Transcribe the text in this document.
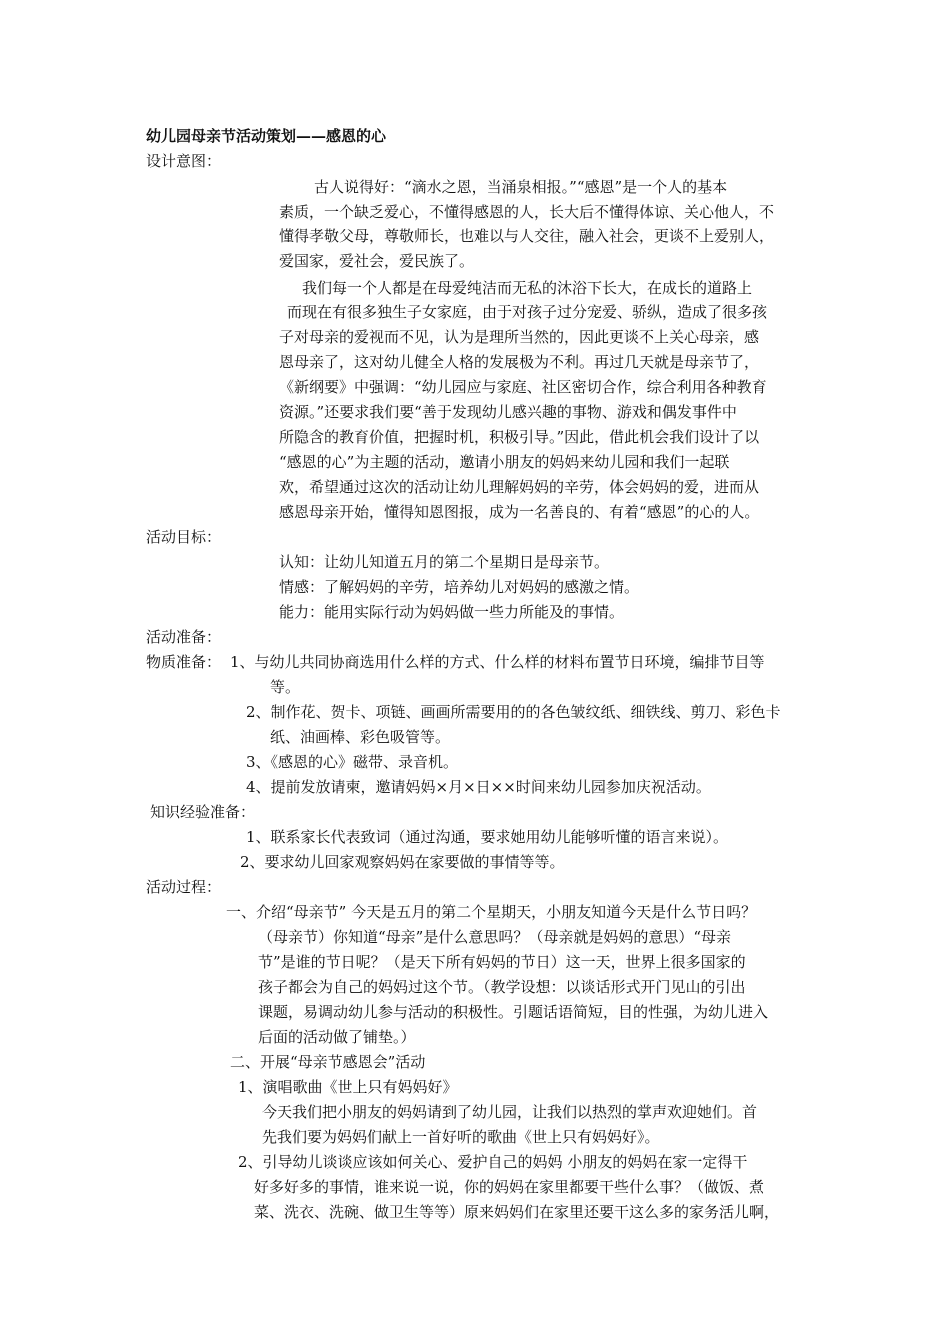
幼儿园母亲节活动策划——感恩的心
设计意图：
古人说得好：“滴水之恩，当涌泉相报。”“感恩”是一个人的基本
素质，一个缺乏爱心，不懂得感恩的人，长大后不懂得体谅、关心他人，不
懂得孝敬父母，尊敬师长，也难以与人交往，融入社会，更谈不上爱别人，
爱国家，爱社会，爱民族了。
我们每一个人都是在母爱纯洁而无私的沐浴下长大，在成长的道路上
而现在有很多独生子女家庭，由于对孩子过分宠爱、骄纵，造成了很多孩
子对母亲的爱视而不见，认为是理所当然的，因此更谈不上关心母亲，感
恩母亲了，这对幼儿健全人格的发展极为不利。再过几天就是母亲节了，
《新纲要》中强调：“幼儿园应与家庭、社区密切合作，综合利用各种教育
资源。”还要求我们要“善于发现幼儿感兴趣的事物、游戏和偶发事件中
所隐含的教育价值，把握时机，积极引导。”因此，借此机会我们设计了以
“感恩的心”为主题的活动，邀请小朋友的妈妈来幼儿园和我们一起联
欢，希望通过这次的活动让幼儿理解妈妈的辛劳，体会妈妈的爱，进而从
感恩母亲开始，懂得知恩图报，成为一名善良的、有着“感恩”的心的人。
活动目标：
认知：让幼儿知道五月的第二个星期日是母亲节。
情感：了解妈妈的辛劳，培养幼儿对妈妈的感激之情。
能力：能用实际行动为妈妈做一些力所能及的事情。
活动准备：
物质准备： 1、与幼儿共同协商选用什么样的方式、什么样的材料布置节日环境，编排节目等
等。
2、制作花、贺卡、项链、画画所需要用的的各色皱纹纸、细铁线、剪刀、彩色卡
纸、油画棒、彩色吸管等。
3、《感恩的心》磁带、录音机。
4、提前发放请柬，邀请妈妈×月×日××时间来幼儿园参加庆祝活动。
知识经验准备：
1、联系家长代表致词（通过沟通，要求她用幼儿能够听懂的语言来说）。
2、要求幼儿回家观察妈妈在家要做的事情等等。
活动过程：
一、介绍“母亲节” 今天是五月的第二个星期天，小朋友知道今天是什么节日吗？
（母亲节）你知道“母亲”是什么意思吗？（母亲就是妈妈的意思）“母亲
节”是谁的节日呢？（是天下所有妈妈的节日）这一天，世界上很多国家的
孩子都会为自己的妈妈过这个节。（教学设想：以谈话形式开门见山的引出
课题，易调动幼儿参与活动的积极性。引题话语简短，目的性强，为幼儿进入
后面的活动做了铺垫。）
二、开展“母亲节感恩会”活动
1、演唱歌曲《世上只有妈妈好》
今天我们把小朋友的妈妈请到了幼儿园，让我们以热烈的掌声欢迎她们。首
先我们要为妈妈们献上一首好听的歌曲《世上只有妈妈好》。
2、引导幼儿谈谈应该如何关心、爱护自己的妈妈 小朋友的妈妈在家一定得干
好多好多的事情，谁来说一说，你的妈妈在家里都要干些什么事？（做饭、煮
菜、洗衣、洗碗、做卫生等等）原来妈妈们在家里还要干这么多的家务活儿啊，
